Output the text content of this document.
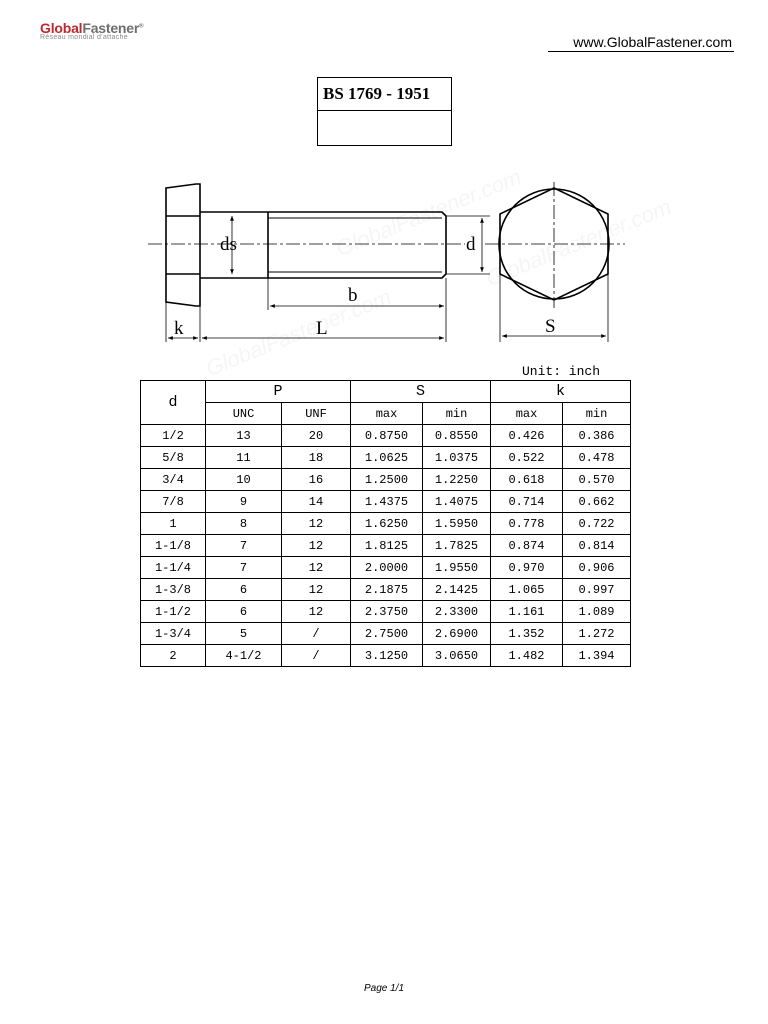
GlobalFastener®
Réseau mondial d'attache	www.GlobalFastener.com
BS 1769 - 1951
ds	d
b
k	L	S
Unit: inch
d	P		S		k	
	UNC	UNF	max	min	max	min
1/2	13	20	0.8750	0.8550	0.426	0.386
5/8	11	18	1.0625	1.0375	0.522	0.478
3/4	10	16	1.2500	1.2250	0.618	0.570
7/8	9	14	1.4375	1.4075	0.714	0.662
1	8	12	1.6250	1.5950	0.778	0.722
1-1/8	7	12	1.8125	1.7825	0.874	0.814
1-1/4	7	12	2.0000	1.9550	0.970	0.906
1-3/8	6	12	2.1875	2.1425	1.065	0.997
1-1/2	6	12	2.3750	2.3300	1.161	1.089
1-3/4	5	/	2.7500	2.6900	1.352	1.272
2	4-1/2	/	3.1250	3.0650	1.482	1.394
Page 1/1
